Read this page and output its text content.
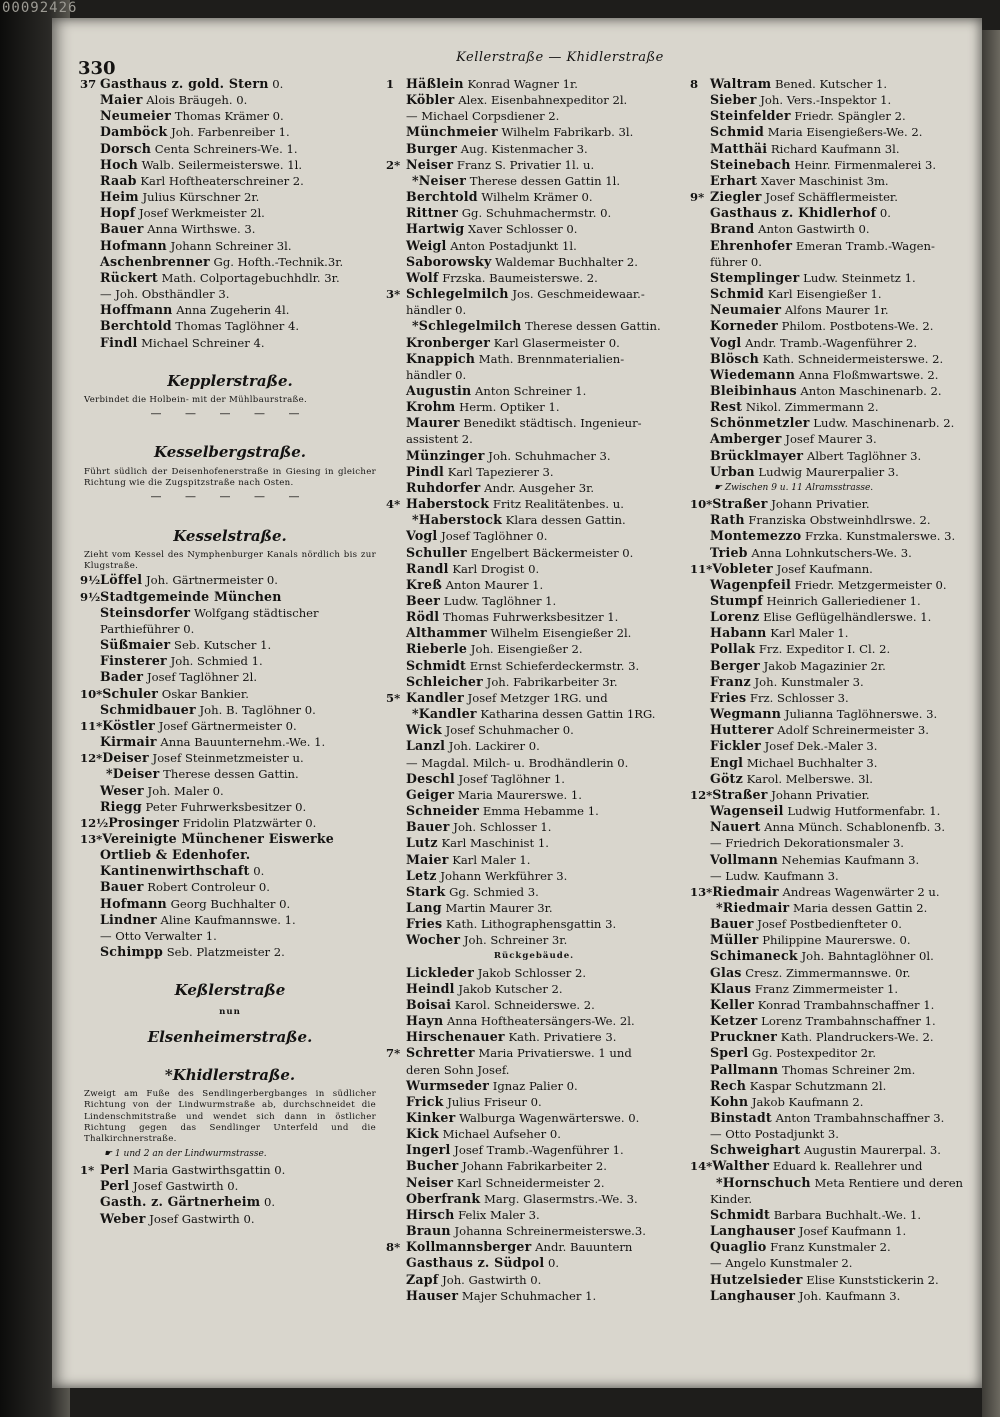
00092426
330
Kellerstraße — Khidlerstraße
37 Gasthaus z. gold. Stern 0.
Maier Alois Bräugeh. 0.
Neumeier Thomas Krämer 0.
Damböck Joh. Farbenreiber 1.
Dorsch Centa Schreiners-Wе. 1.
Hoch Walb. Seilermeisterswe. 1l.
Raab Karl Hoftheaterschreiner 2.
Heim Julius Kürschner 2r.
Hopf Josef Werkmeister 2l.
Bauer Anna Wirthswe. 3.
Hofmann Johann Schreiner 3l.
Aschenbrenner Gg. Hofth.-Technik.3r.
Rückert Math. Colportagebuchhdlr. 3r.
— Joh. Obsthändler 3.
Hoffmann Anna Zugeherin 4l.
Berchtold Thomas Taglöhner 4.
Findl Michael Schreiner 4.
Keppler​straße.
Verbindet die Holbein- mit der Mühlbaurstraße.
— — — — —
Kesselbergstraße.
Führt südlich der Deisenhofenerstraße in Giesing in gleicher Richtung wie die Zugspitzstraße nach Osten.
— — — — —
Kesselstraße.
Zieht vom Kessel des Nymphenburger Kanals nördlich bis zur Klugstraße.
9½Löffel Joh. Gärtnermeister 0.
9½Stadtgemeinde München
Steinsdorfer Wolfgang städtischer
Parthieführer 0.
Süßmaier Seb. Kutscher 1.
Finsterer Joh. Schmied 1.
Bader Josef Taglöhner 2l.
10*Schuler Oskar Bankier.
Schmidbauer Joh. B. Taglöhner 0.
11*Köstler Josef Gärtnermeister 0.
Kirmair Anna Bauunternehm.-We. 1.
12*Deiser Josef Steinmetzmeister u.
*Deiser Therese dessen Gattin.
Weser Joh. Maler 0.
Riegg Peter Fuhrwerksbesitzer 0.
12½Prosinger Fridolin Platzwärter 0.
13*Vereinigte Münchener Eiswerke
Ortlieb & Edenhofer.
Kantinenwirthschaft 0.
Bauer Robert Controleur 0.
Hofmann Georg Buchhalter 0.
Lindner Aline Kaufmannswe. 1.
— Otto Verwalter 1.
Schimpp Seb. Platzmeister 2.
Keßlerstraße
nun
Elsenheimerstraße.
*Khidlerstraße.
Zweigt am Fuße des Sendlingerbergbanges in südlicher Richtung von der Lindwurmstraße ab, durchschneidet die Lindenschmitstraße und wendet sich dann in östlicher Richtung gegen das Sendlinger Unterfeld und die Thalkirchnerstraße.
☛ 1 und 2 an der Lindwurmstrasse.
1* Perl Maria Gastwirthsgattin 0.
Perl Josef Gastwirth 0.
Gasth. z. Gärtnerheim 0.
Weber Josef Gastwirth 0.
1 Häßlein Konrad Wagner 1r.
Köbler Alex. Eisenbahnexpeditor 2l.
— Michael Corpsdiener 2.
Münchmeier Wilhelm Fabrikarb. 3l.
Burger Aug. Kistenmacher 3.
2* Neiser Franz S. Privatier 1l. u.
*Neiser Therese dessen Gattin 1l.
Berchtold Wilhelm Krämer 0.
Rittner Gg. Schuhmachermstr. 0.
Hartwig Xaver Schlosser 0.
Weigl Anton Postadjunkt 1l.
Saborowsky Waldemar Buchhalter 2.
Wolf Frzska. Baumeisterswe. 2.
3* Schlegelmilch Jos. Geschmeidewaar.-
händler 0.
*Schlegelmilch Therese dessen Gattin.
Kronberger Karl Glasermeister 0.
Knappich Math. Brennmaterialien-
händler 0.
Augustin Anton Schreiner 1.
Krohm Herm. Optiker 1.
Maurer Benedikt städtisch. Ingenieur-
assistent 2.
Münzinger Joh. Schuhmacher 3.
Pindl Karl Tapezierer 3.
Ruhdorfer Andr. Ausgeher 3r.
4* Haberstock Fritz Realitätenbes. u.
*Haberstock Klara dessen Gattin.
Vogl Josef Taglöhner 0.
Schuller Engelbert Bäckermeister 0.
Randl Karl Drogist 0.
Kreß Anton Maurer 1.
Beer Ludw. Taglöhner 1.
Rödl Thomas Fuhrwerksbesitzer 1.
Althammer Wilhelm Eisengießer 2l.
Rieberle Joh. Eisengießer 2.
Schmidt Ernst Schieferdeckermstr. 3.
Schleicher Joh. Fabrikarbeiter 3r.
5* Kandler Josef Metzger 1RG. und
*Kandler Katharina dessen Gattin 1RG.
Wick Josef Schuhmacher 0.
Lanzl Joh. Lackirer 0.
— Magdal. Milch- u. Brodhändlerin 0.
Deschl Josef Taglöhner 1.
Geiger Maria Maurerswe. 1.
Schneider Emma Hebamme 1.
Bauer Joh. Schlosser 1.
Lutz Karl Maschinist 1.
Maier Karl Maler 1.
Letz Johann Werkführer 3.
Stark Gg. Schmied 3.
Lang Martin Maurer 3r.
Fries Kath. Lithographensgattin 3.
Wocher Joh. Schreiner 3r.
Rückgebäude.
Lickleder Jakob Schlosser 2.
Heindl Jakob Kutscher 2.
Boisai Karol. Schneiderswe. 2.
Hayn Anna Hoftheatersängers-We. 2l.
Hirschenauer Kath. Privatiere 3.
7* Schretter Maria Privatierswe. 1 und
deren Sohn Josef.
Wurmseder Ignaz Palier 0.
Frick Julius Friseur 0.
Kinker Walburga Wagenwärterswe. 0.
Kick Michael Aufseher 0.
Ingerl Josef Tramb.-Wagenführer 1.
Bucher Johann Fabrikarbeiter 2.
Neiser Karl Schneidermeister 2.
Oberfrank Marg. Glasermstrs.-We. 3.
Hirsch Felix Maler 3.
Braun Johanna Schreinermeisterswe.3.
8* Kollmannsberger Andr. Bauuntern
Gasthaus z. Südpol 0.
Zapf Joh. Gastwirth 0.
Hauser Majer Schuhmacher 1.
8 Waltram Bened. Kutscher 1.
Sieber Joh. Vers.-Inspektor 1.
Steinfelder Friedr. Spängler 2.
Schmid Maria Eisengießers-We. 2.
Matthäi Richard Kaufmann 3l.
Steinebach Heinr. Firmenmalerei 3.
Erhart Xaver Maschinist 3m.
9* Ziegler Josef Schäfflermeister.
Gasthaus z. Khidlerhof 0.
Brand Anton Gastwirth 0.
Ehrenhofer Emeran Tramb.-Wagen-
führer 0.
Stemplinger Ludw. Steinmetz 1.
Schmid Karl Eisengießer 1.
Neumaier Alfons Maurer 1r.
Korneder Philom. Postbotens-We. 2.
Vogl Andr. Tramb.-Wagenführer 2.
Blösch Kath. Schneidermeisterswe. 2.
Wiedemann Anna Floßmwartswe. 2.
Bleibinhaus Anton Maschinenarb. 2.
Rest Nikol. Zimmermann 2.
Schönmetzler Ludw. Maschinenarb. 2.
Amberger Josef Maurer 3.
Brücklmayer Albert Taglöhner 3.
Urban Ludwig Maurerpalier 3.
☛ Zwischen 9 u. 11 Alramsstrasse.
10*Straßer Johann Privatier.
Rath Franziska Obstweinhdlrswe. 2.
Montemezzo Frzka. Kunstmalerswe. 3.
Trieb Anna Lohnkutschers-We. 3.
11*Vobleter Josef Kaufmann.
Wagenpfeil Friedr. Metzgermeister 0.
Stumpf Heinrich Galleriediener 1.
Lorenz Elise Geflügelhändlerswe. 1.
Habann Karl Maler 1.
Pollak Frz. Expeditor I. Cl. 2.
Berger Jakob Magazinier 2r.
Franz Joh. Kunstmaler 3.
Fries Frz. Schlosser 3.
Wegmann Julianna Taglöhnerswe. 3.
Hutterer Adolf Schreinermeister 3.
Fickler Josef Dek.-Maler 3.
Engl Michael Buchhalter 3.
Götz Karol. Melberswe. 3l.
12*Straßer Johann Privatier.
Wagenseil Ludwig Hutformenfabr. 1.
Nauert Anna Münch. Schablonenfb. 3.
— Friedrich Dekorationsmaler 3.
Vollmann Nehemias Kaufmann 3.
— Ludw. Kaufmann 3.
13*Riedmair Andreas Wagenwärter 2 u.
*Riedmair Maria dessen Gattin 2.
Bauer Josef Postbedienfteter 0.
Müller Philippine Maurerswe. 0.
Schimaneck Joh. Bahntaglöhner 0l.
Glas Cresz. Zimmermannswe. 0r.
Klaus Franz Zimmermeister 1.
Keller Konrad Trambahnschaffner 1.
Ketzer Lorenz Trambahnschaffner 1.
Pruckner Kath. Plandruckers-We. 2.
Sperl Gg. Postexpeditor 2r.
Pallmann Thomas Schreiner 2m.
Rech Kaspar Schutzmann 2l.
Kohn Jakob Kaufmann 2.
Binstadt Anton Trambahnschaffner 3.
— Otto Postadjunkt 3.
Schweighart Augustin Maurerpal. 3.
14*Walther Eduard k. Reallehrer und
*Hornschuch Meta Rentiere und deren
Kinder.
Schmidt Barbara Buchhalt.-We. 1.
Langhauser Josef Kaufmann 1.
Quaglio Franz Kunstmaler 2.
— Angelo Kunstmaler 2.
Hutzelsieder Elise Kunststickerin 2.
Langhauser Joh. Kaufmann 3.
